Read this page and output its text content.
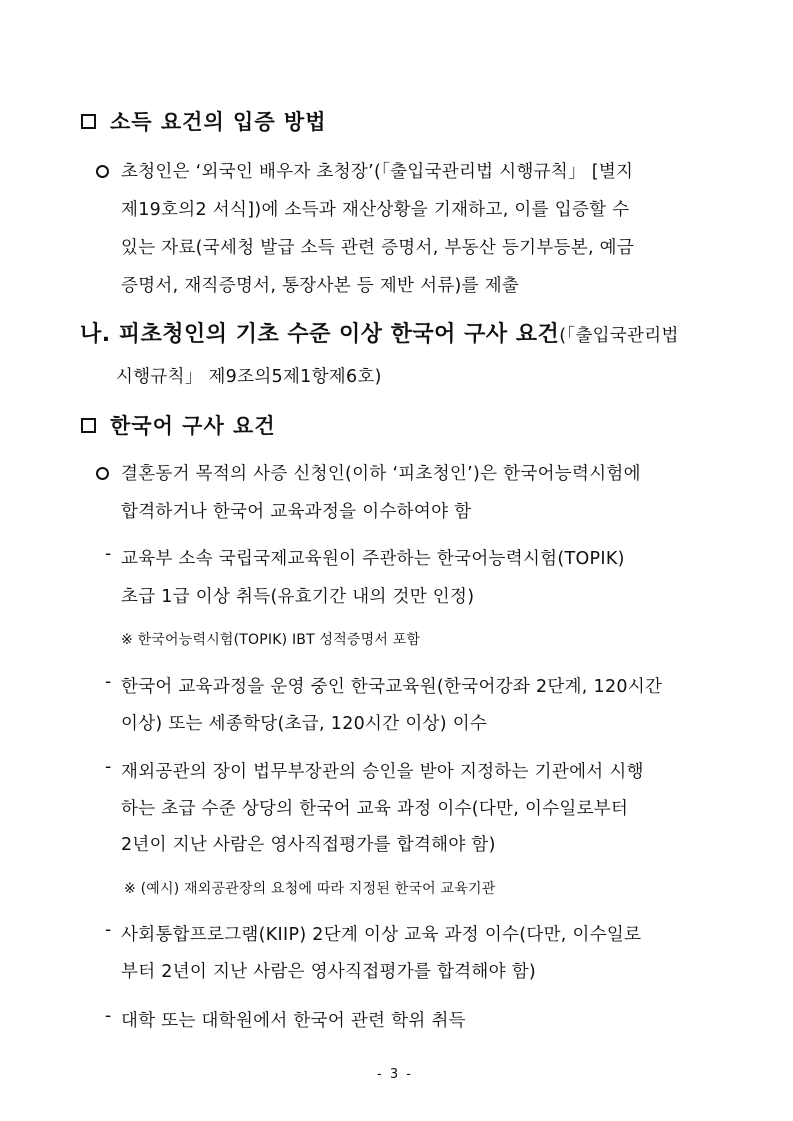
소득 요건의 입증 방법
초청인은 ‘외국인 배우자 초청장’(「출입국관리법 시행규칙」 [별지
제19호의2 서식])에 소득과 재산상황을 기재하고, 이를 입증할 수
있는 자료(국세청 발급 소득 관련 증명서, 부동산 등기부등본, 예금
증명서, 재직증명서, 통장사본 등 제반 서류)를 제출
나. 피초청인의 기초 수준 이상 한국어 구사 요건(「출입국관리법
시행규칙」 제9조의5제1항제6호)
한국어 구사 요건
결혼동거 목적의 사증 신청인(이하 ‘피초청인’)은 한국어능력시험에
합격하거나 한국어 교육과정을 이수하여야 함
- 교육부 소속 국립국제교육원이 주관하는 한국어능력시험(TOPIK)
초급 1급 이상 취득(유효기간 내의 것만 인정)
※ 한국어능력시험(TOPIK) IBT 성적증명서 포함
- 한국어 교육과정을 운영 중인 한국교육원(한국어강좌 2단계, 120시간
이상) 또는 세종학당(초급, 120시간 이상) 이수
- 재외공관의 장이 법무부장관의 승인을 받아 지정하는 기관에서 시행
하는 초급 수준 상당의 한국어 교육 과정 이수(다만, 이수일로부터
2년이 지난 사람은 영사직접평가를 합격해야 함)
※ (예시) 재외공관장의 요청에 따라 지정된 한국어 교육기관
- 사회통합프로그램(KIIP) 2단계 이상 교육 과정 이수(다만, 이수일로
부터 2년이 지난 사람은 영사직접평가를 합격해야 함)
- 대학 또는 대학원에서 한국어 관련 학위 취득
- 3 -
